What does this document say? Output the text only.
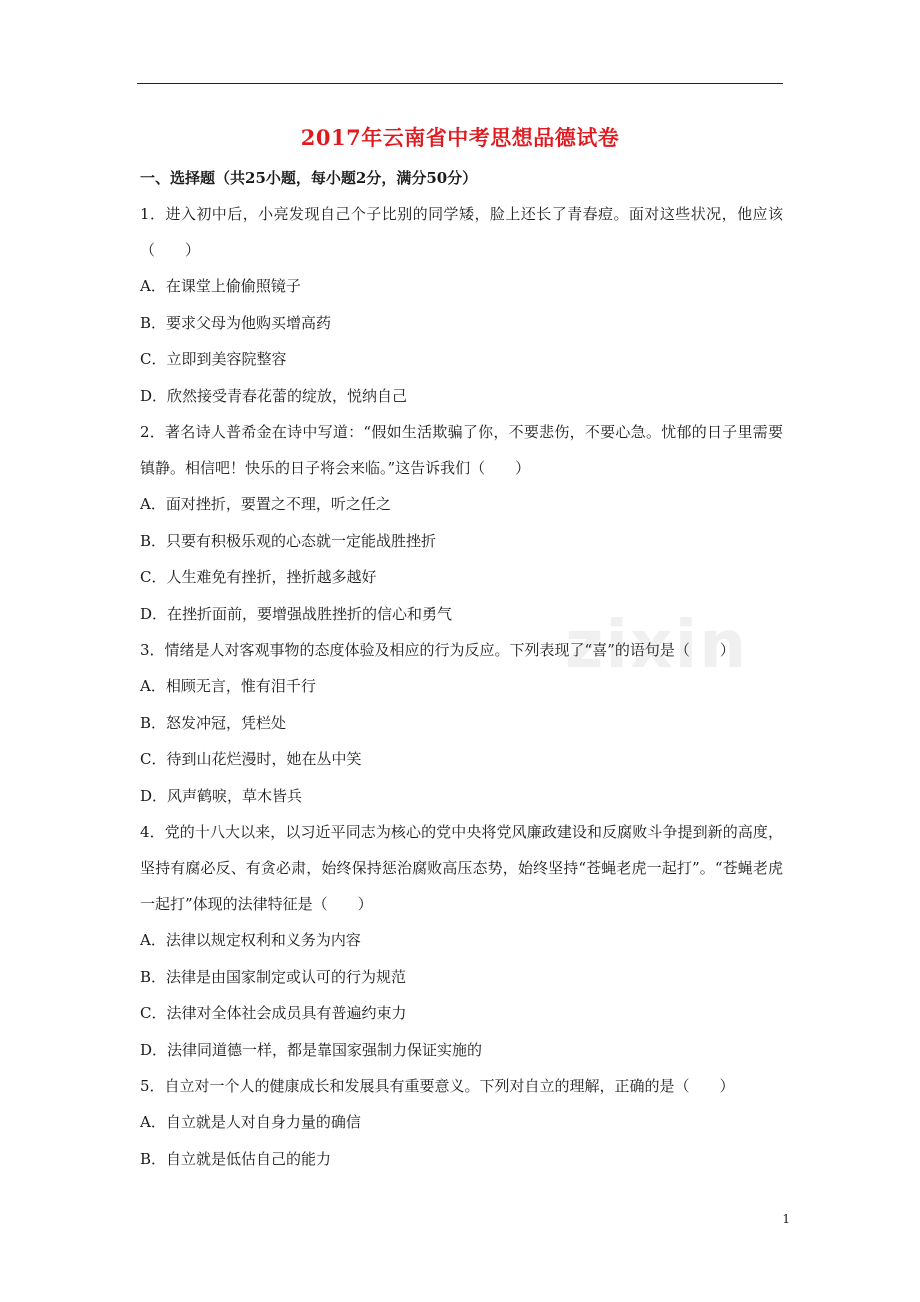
2017年云南省中考思想品德试卷
zixin
一、选择题（共25小题，每小题2分，满分50分）
1．进入初中后，小亮发现自己个子比别的同学矮，脸上还长了青春痘。面对这些状况，他应该（　　）
A．在课堂上偷偷照镜子
B．要求父母为他购买增高药
C．立即到美容院整容
D．欣然接受青春花蕾的绽放，悦纳自己
2．著名诗人普希金在诗中写道：“假如生活欺骗了你，不要悲伤，不要心急。忧郁的日子里需要镇静。相信吧！快乐的日子将会来临。”这告诉我们（　　）
A．面对挫折，要置之不理，听之任之
B．只要有积极乐观的心态就一定能战胜挫折
C．人生难免有挫折，挫折越多越好
D．在挫折面前，要增强战胜挫折的信心和勇气
3．情绪是人对客观事物的态度体验及相应的行为反应。下列表现了“喜”的语句是（　　）
A．相顾无言，惟有泪千行
B．怒发冲冠，凭栏处
C．待到山花烂漫时，她在丛中笑
D．风声鹤唳，草木皆兵
4．党的十八大以来，以习近平同志为核心的党中央将党风廉政建设和反腐败斗争提到新的高度，坚持有腐必反、有贪必肃，始终保持惩治腐败高压态势，始终坚持“苍蝇老虎一起打”。“苍蝇老虎一起打”体现的法律特征是（　　）
A．法律以规定权利和义务为内容
B．法律是由国家制定或认可的行为规范
C．法律对全体社会成员具有普遍约束力
D．法律同道德一样，都是靠国家强制力保证实施的
5．自立对一个人的健康成长和发展具有重要意义。下列对自立的理解，正确的是（　　）
A．自立就是人对自身力量的确信
B．自立就是低估自己的能力
1
